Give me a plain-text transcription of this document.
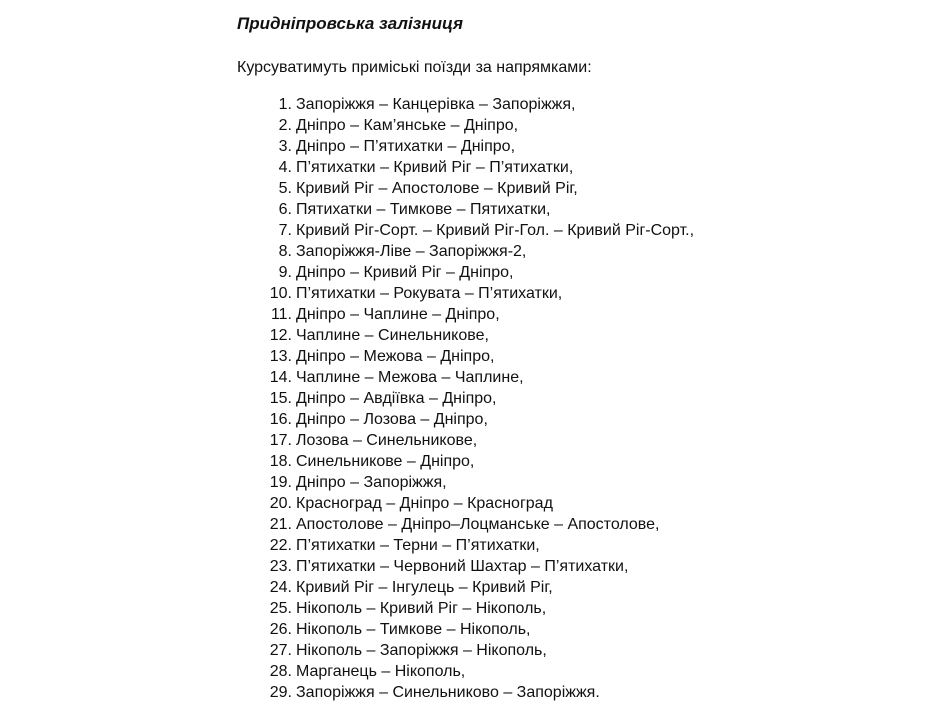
Придніпровська залізниця

Курсуватимуть приміські поїзди за напрямками:

1 . Запоріжжя – Канцерівка – Запоріжжя,
2 . Дніпро – Кам’янське – Дніпро,
3 . Дніпро – П’ятихатки – Дніпро,
4 . П’ятихатки – Кривий Ріг – П’ятихатки,
5 . Кривий Ріг – Апостолове – Кривий Ріг,
6 . Пятихатки – Тимкове – Пятихатки,
7 . Кривий Ріг-Сорт. – Кривий Ріг-Гол. – Кривий Ріг-Сорт.,
8 . Запоріжжя-Ліве – Запоріжжя-2,
9 . Дніпро – Кривий Ріг – Дніпро,
10 . П’ятихатки – Рокувата – П’ятихатки,
11 . Дніпро – Чаплине – Дніпро,
12 . Чаплине – Синельникове,
13 . Дніпро – Межова – Дніпро,
14 . Чаплине – Межова – Чаплине,
15 . Дніпро – Авдіївка – Дніпро,
16 . Дніпро – Лозова – Дніпро,
17 . Лозова – Синельникове,
18 . Синельникове – Дніпро,
19 . Дніпро – Запоріжжя,
20 . Красноград – Дніпро – Красноград
21 . Апостолове – Дніпро–Лоцманське – Апостолове,
22 . П’ятихатки – Терни – П’ятихатки,
23 . П’ятихатки – Червоний Шахтар – П’ятихатки,
24 . Кривий Ріг – Інгулець – Кривий Ріг,
25 . Нікополь – Кривий Ріг – Нікополь,
26 . Нікополь – Тимкове – Нікополь,
27 . Нікополь – Запоріжжя – Нікополь,
28 . Марганець – Нікополь,
29 . Запоріжжя – Синельниково – Запоріжжя.
